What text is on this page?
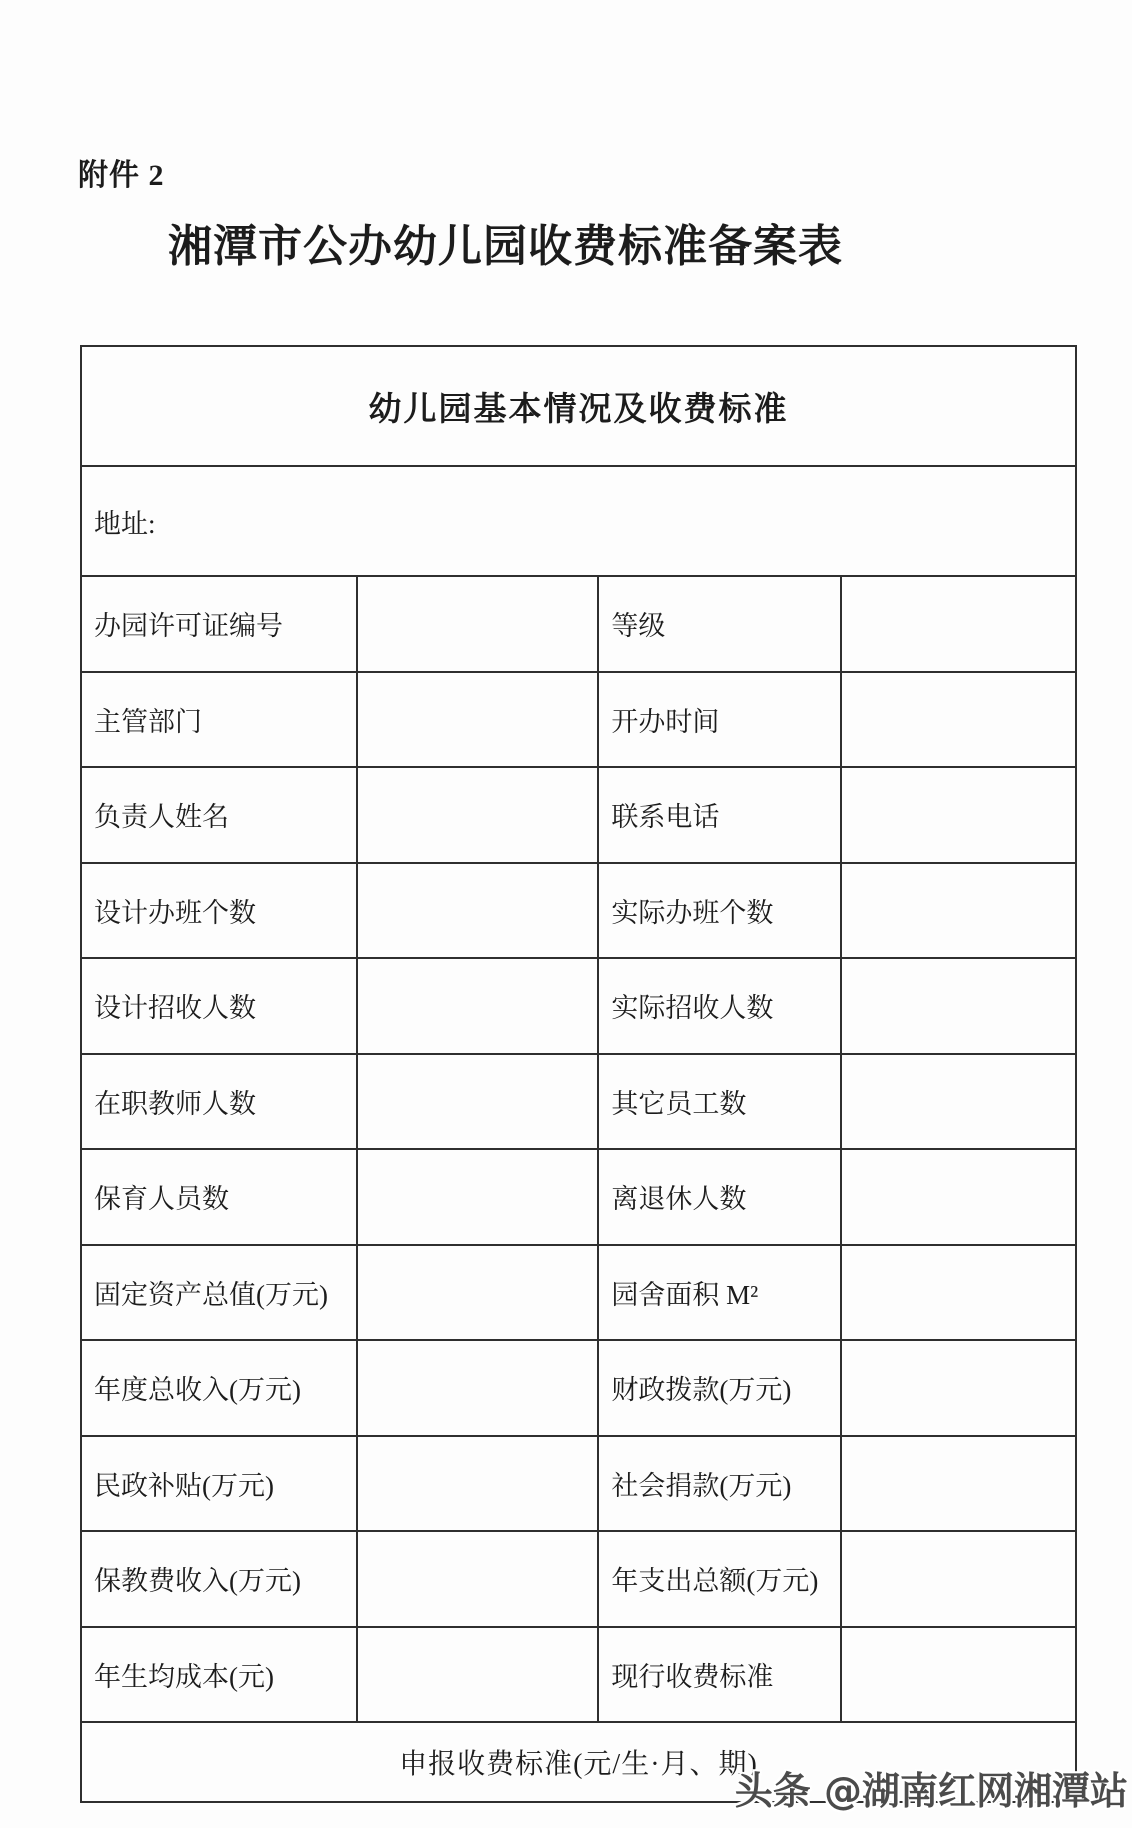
附件 2
湘潭市公办幼儿园收费标准备案表
幼儿园基本情况及收费标准
地址:
办园许可证编号	等级
主管部门	开办时间
负责人姓名	联系电话
设计办班个数	实际办班个数
设计招收人数	实际招收人数
在职教师人数	其它员工数
保育人员数	离退休人数
固定资产总值(万元)	园舍面积 M²
年度总收入(万元)	财政拨款(万元)
民政补贴(万元)	社会捐款(万元)
保教费收入(万元)	年支出总额(万元)
年生均成本(元)	现行收费标准
申报收费标准(元/生·月、期)
头条 @湖南红网湘潭站
